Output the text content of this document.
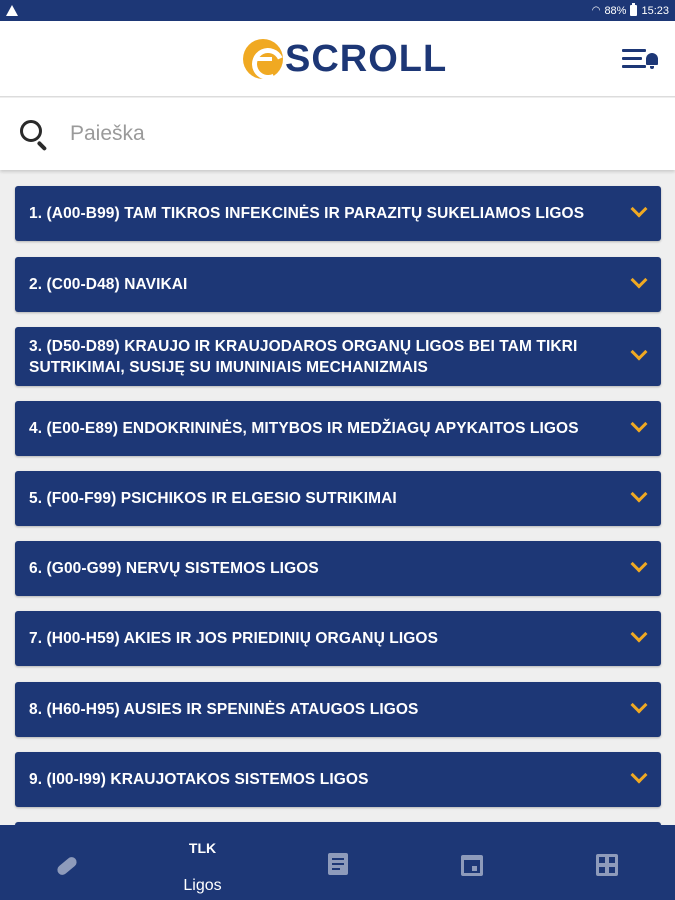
◠ 88% 15:23
SCROLL
Paieška
1. (A00-B99) TAM TIKROS INFEKCINĖS IR PARAZITŲ SUKELIAMOS LIGOS
2. (C00-D48) NAVIKAI
3. (D50-D89) KRAUJO IR KRAUJODAROS ORGANŲ LIGOS BEI TAM TIKRI SUTRIKIMAI, SUSIJĘ SU IMUNINIAIS MECHANIZMAIS
4. (E00-E89) ENDOKRININĖS, MITYBOS IR MEDŽIAGŲ APYKAITOS LIGOS
5. (F00-F99) PSICHIKOS IR ELGESIO SUTRIKIMAI
6. (G00-G99) NERVŲ SISTEMOS LIGOS
7. (H00-H59) AKIES IR JOS PRIEDINIŲ ORGANŲ LIGOS
8. (H60-H95) AUSIES IR SPENINĖS ATAUGOS LIGOS
9. (I00-I99) KRAUJOTAKOS SISTEMOS LIGOS
TLK
Ligos
